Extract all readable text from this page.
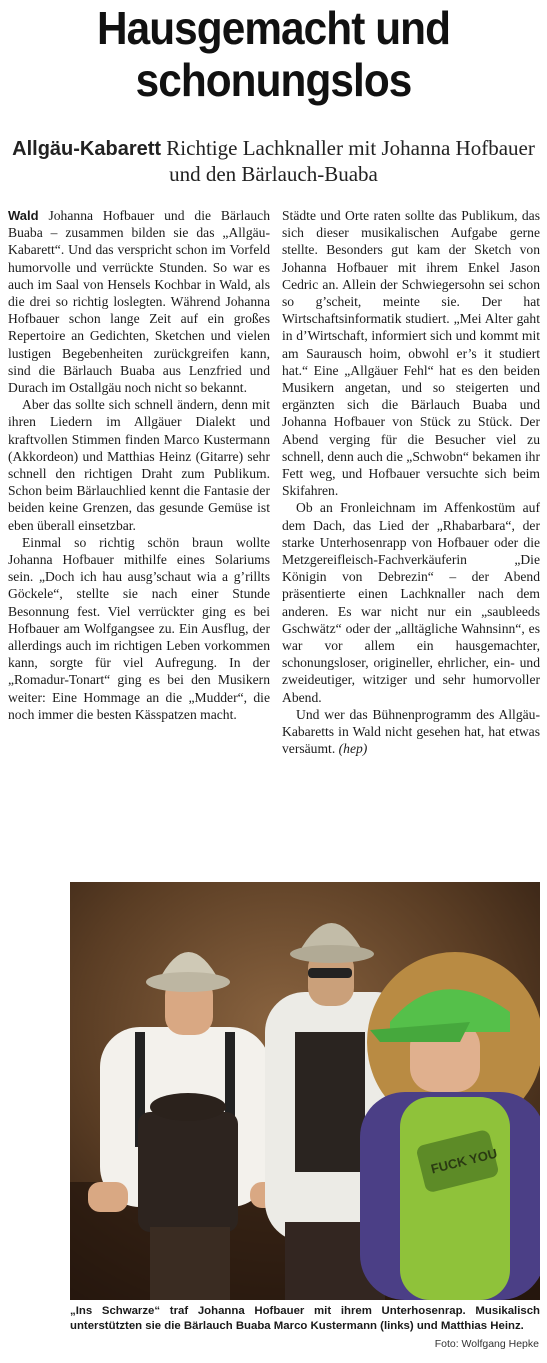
Hausgemacht und
schonungslos
Allgäu-Kabarett Richtige Lachknaller mit Johanna Hofbauer und den Bärlauch-Buaba

Wald Johanna Hofbauer und die Bärlauch Buaba – zusammen bilden sie das „Allgäu-Kabarett“. Und das verspricht schon im Vorfeld humorvolle und verrückte Stunden. So war es auch im Saal von Hensels Kochbar in Wald, als die drei so richtig loslegten. Während Johanna Hofbauer schon lange Zeit auf ein großes Repertoire an Gedichten, Sketchen und vielen lustigen Begebenheiten zurückgreifen kann, sind die Bärlauch Buaba aus Lenzfried und Durach im Ostallgäu noch nicht so bekannt.

Aber das sollte sich schnell ändern, denn mit ihren Liedern im Allgäuer Dialekt und kraftvollen Stimmen finden Marco Kustermann (Akkordeon) und Matthias Heinz (Gitarre) sehr schnell den richtigen Draht zum Publikum. Schon beim Bärlauchlied kennt die Fantasie der beiden keine Grenzen, das gesunde Gemüse ist eben überall einsetzbar.

Einmal so richtig schön braun wollte Johanna Hofbauer mithilfe eines Solariums sein. „Doch ich hau ausg’schaut wia a g’rillts Göckele“, stellte sie nach einer Stunde Besonnung fest. Viel verrückter ging es bei Hofbauer am Wolfgangsee zu. Ein Ausflug, der allerdings auch im richtigen Leben vorkommen kann, sorgte für viel Aufregung. In der „Romadur-Tonart“ ging es bei den Musikern weiter: Eine Hommage an die „Mudder“, die noch immer die besten Kässpatzen macht.

Städte und Orte raten sollte das Publikum, das sich dieser musikalischen Aufgabe gerne stellte. Besonders gut kam der Sketch von Johanna Hofbauer mit ihrem Enkel Jason Cedric an. Allein der Schwiegersohn sei schon so g’scheit, meinte sie. Der hat Wirtschaftsinformatik studiert. „Mei Alter gaht in d’Wirtschaft, informiert sich und kommt mit am Saurausch hoim, obwohl er’s it studiert hat.“ Eine „Allgäuer Fehl“ hat es den beiden Musikern angetan, und so steigerten und ergänzten sich die Bärlauch Buaba und Johanna Hofbauer von Stück zu Stück. Der Abend verging für die Besucher viel zu schnell, denn auch die „Schwobn“ bekamen ihr Fett weg, und Hofbauer versuchte sich beim Skifahren.

Ob an Fronleichnam im Affenkostüm auf dem Dach, das Lied der „Rhabarbara“, der starke Unterhosenrapp von Hofbauer oder die Metzgereifleisch-Fachverkäuferin „Die Königin von Debrezin“ – der Abend präsentierte einen Lachknaller nach dem anderen. Es war nicht nur ein „saubleeds Gschwätz“ oder der „alltägliche Wahnsinn“, es war vor allem ein hausgemachter, schonungsloser, origineller, ehrlicher, ein- und zweideutiger, witziger und sehr humorvoller Abend.

Und wer das Bühnenprogramm des Allgäu-Kabaretts in Wald nicht gesehen hat, hat etwas versäumt. (hep)

FUCK YOU
„Ins Schwarze“ traf Johanna Hofbauer mit ihrem Unterhosenrap. Musikalisch unterstützten sie die Bärlauch Buaba Marco Kustermann (links) und Matthias Heinz.
Foto: Wolfgang Hepke
